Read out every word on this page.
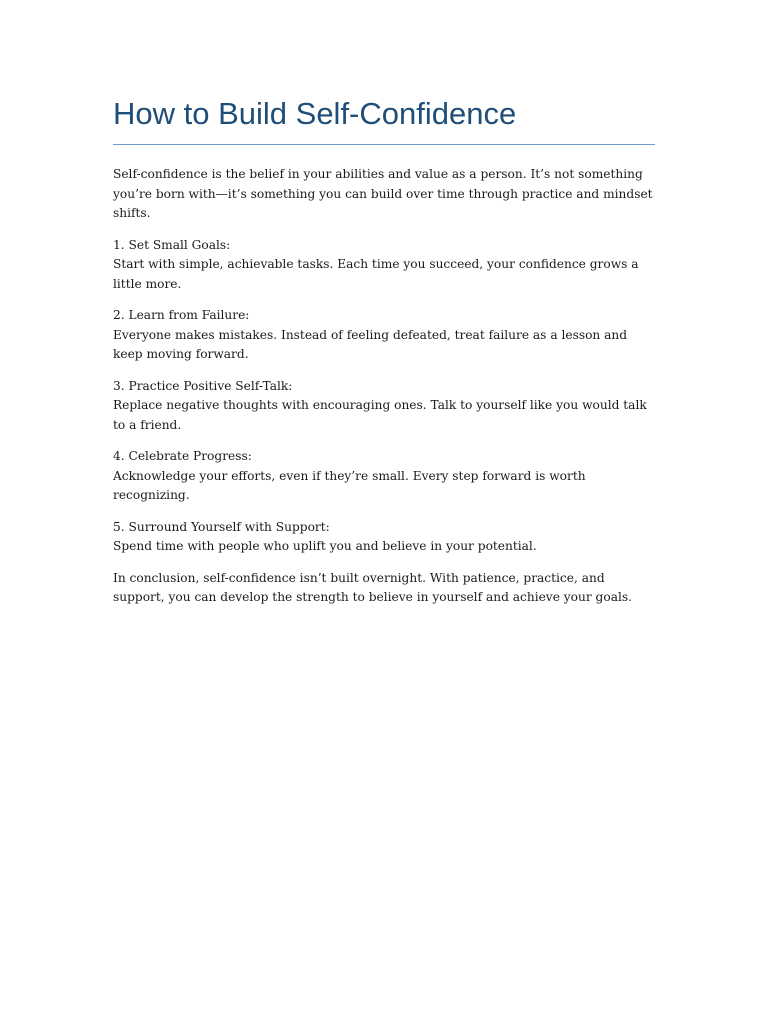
How to Build Self-Confidence

Self-confidence is the belief in your abilities and value as a person. It’s not something you’re born with—it’s something you can build over time through practice and mindset shifts.

1. Set Small Goals:
Start with simple, achievable tasks. Each time you succeed, your confidence grows a little more.

2. Learn from Failure:
Everyone makes mistakes. Instead of feeling defeated, treat failure as a lesson and keep moving forward.

3. Practice Positive Self-Talk:
Replace negative thoughts with encouraging ones. Talk to yourself like you would talk to a friend.

4. Celebrate Progress:
Acknowledge your efforts, even if they’re small. Every step forward is worth recognizing.

5. Surround Yourself with Support:
Spend time with people who uplift you and believe in your potential.

In conclusion, self-confidence isn’t built overnight. With patience, practice, and support, you can develop the strength to believe in yourself and achieve your goals.
